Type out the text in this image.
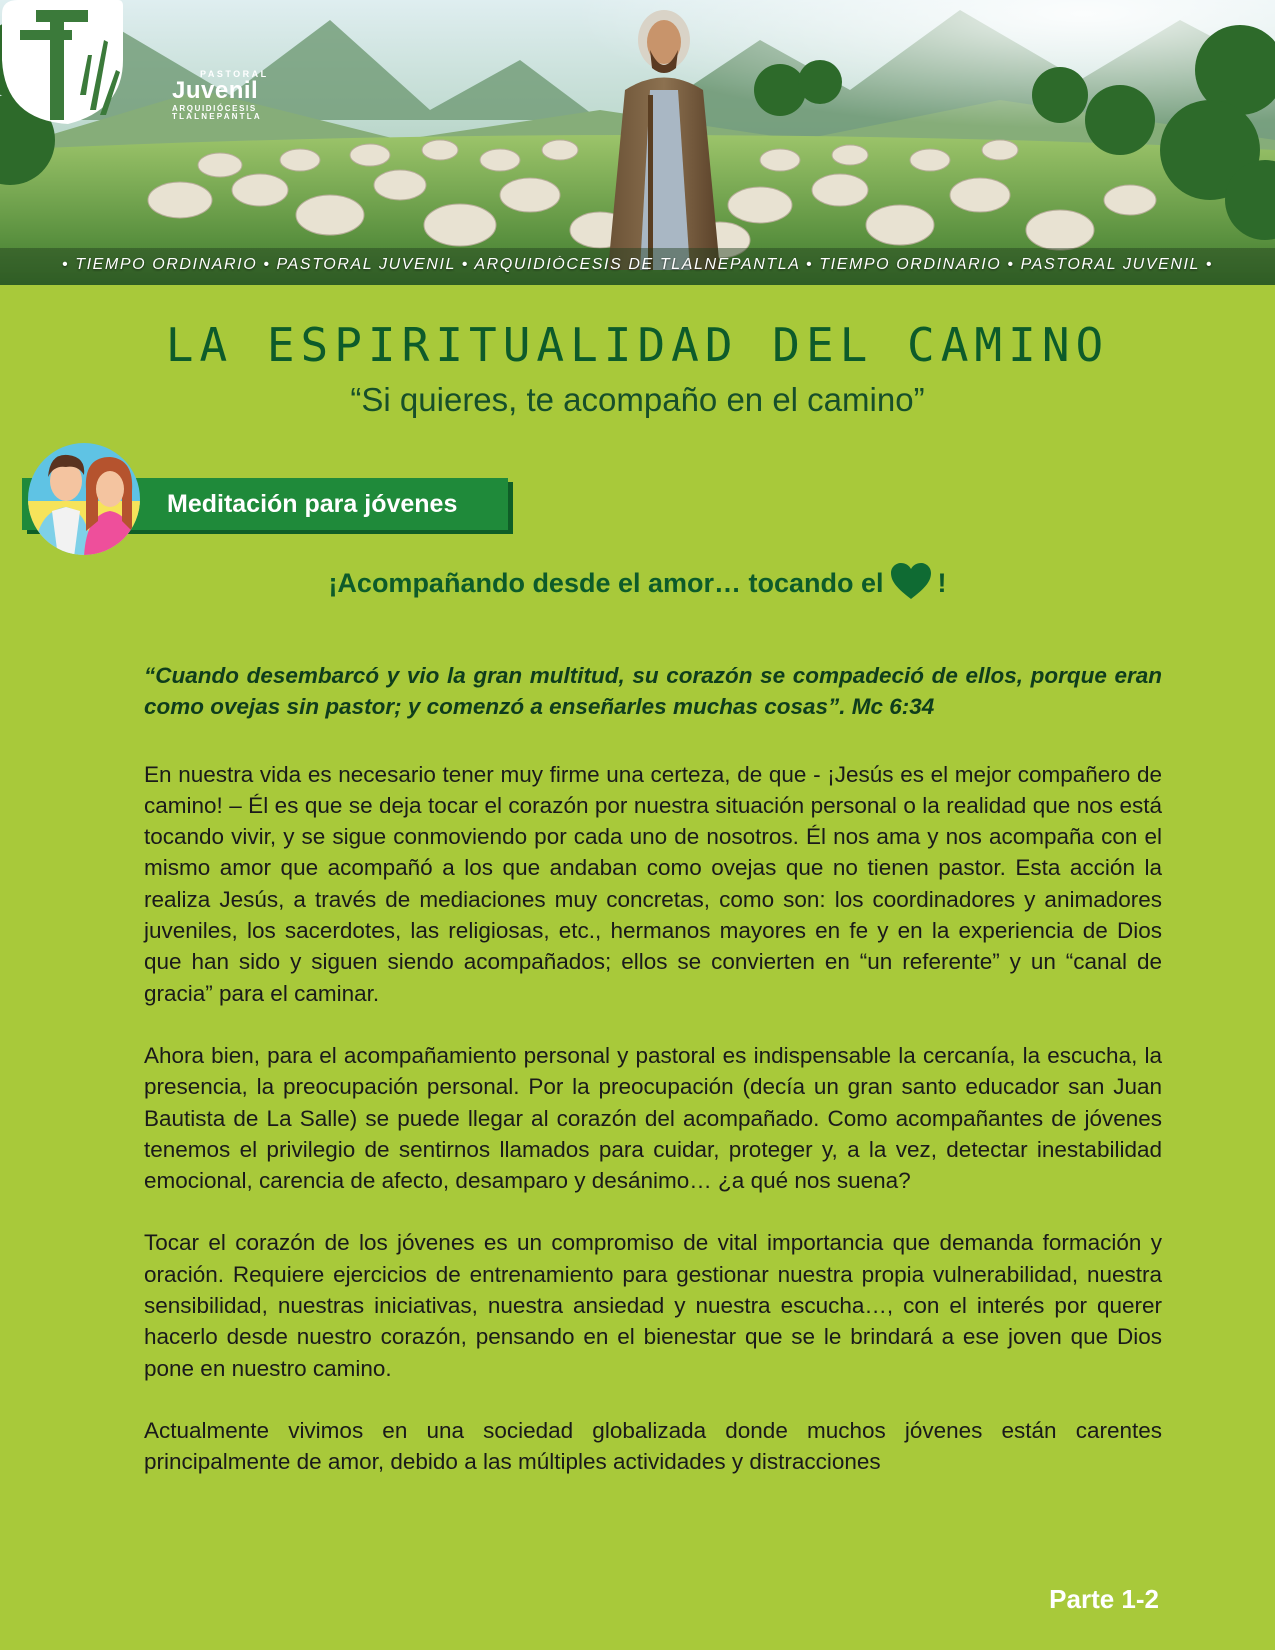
PASTORAL
Juvenil
ARQUIDIÓCESIS
TLALNEPANTLA
• TIEMPO ORDINARIO • PASTORAL JUVENIL • ARQUIDIÓCESIS DE TLALNEPANTLA • TIEMPO ORDINARIO • PASTORAL JUVENIL •
LA ESPIRITUALIDAD DEL CAMINO
“Si quieres, te acompaño en el camino”
Meditación para jóvenes
¡Acompañando desde el amor… tocando el !

“Cuando desembarcó y vio la gran multitud, su corazón se compadeció de ellos, porque eran como ovejas sin pastor; y comenzó a enseñarles muchas cosas”. Mc 6:34

En nuestra vida es necesario tener muy firme una certeza, de que - ¡Jesús es el mejor compañero de camino! – Él es que se deja tocar el corazón por nuestra situación personal o la realidad que nos está tocando vivir, y se sigue conmoviendo por cada uno de nosotros. Él nos ama y nos acompaña con el mismo amor que acompañó a los que andaban como ovejas que no tienen pastor. Esta acción la realiza Jesús, a través de mediaciones muy concretas, como son: los coordinadores y animadores juveniles, los sacerdotes, las religiosas, etc., hermanos mayores en fe y en la experiencia de Dios que han sido y siguen siendo acompañados; ellos se convierten en “un referente” y un “canal de gracia” para el caminar.

Ahora bien, para el acompañamiento personal y pastoral es indispensable la cercanía, la escucha, la presencia, la preocupación personal. Por la preocupación (decía un gran santo educador san Juan Bautista de La Salle) se puede llegar al corazón del acompañado. Como acompañantes de jóvenes tenemos el privilegio de sentirnos llamados para cuidar, proteger y, a la vez, detectar inestabilidad emocional, carencia de afecto, desamparo y desánimo… ¿a qué nos suena?

Tocar el corazón de los jóvenes es un compromiso de vital importancia que demanda formación y oración. Requiere ejercicios de entrenamiento para gestionar nuestra propia vulnerabilidad, nuestra sensibilidad, nuestras iniciativas, nuestra ansiedad y nuestra escucha…, con el interés por querer hacerlo desde nuestro corazón, pensando en el bienestar que se le brindará a ese joven que Dios pone en nuestro camino.

Actualmente vivimos en una sociedad globalizada donde muchos jóvenes están carentes principalmente de amor, debido a las múltiples actividades y distracciones

Parte 1-2
